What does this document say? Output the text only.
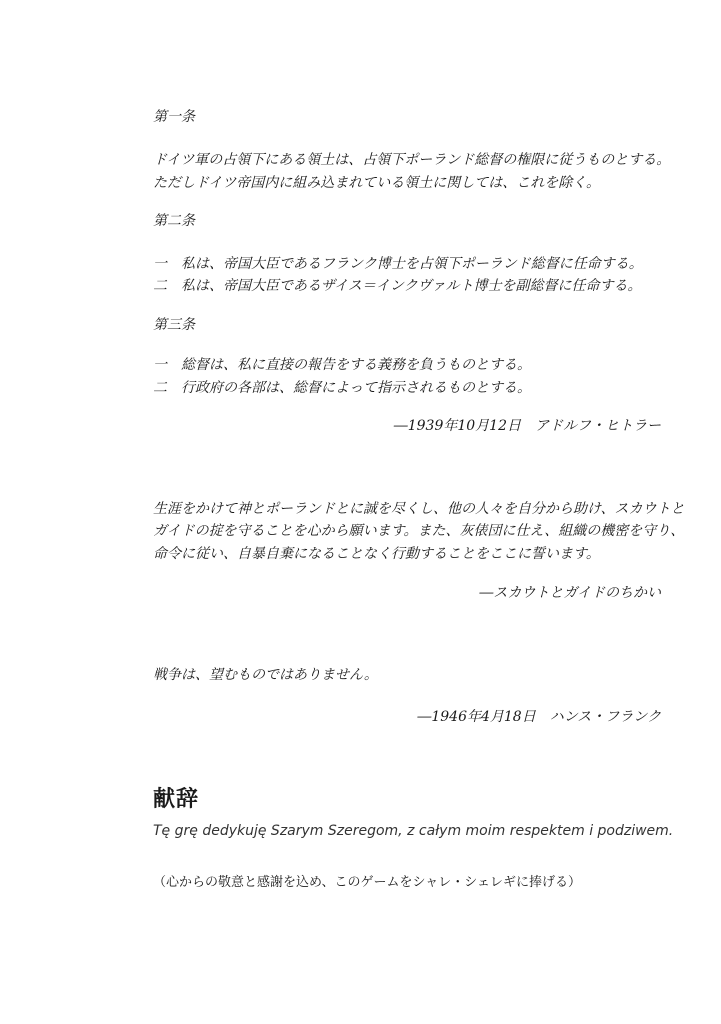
第一条
ドイツ軍の占領下にある領土は、占領下ポーランド総督の権限に従うものとする。
ただしドイツ帝国内に組み込まれている領土に関しては、これを除く。
第二条
一　私は、帝国大臣であるフランク博士を占領下ポーランド総督に任命する。
二　私は、帝国大臣であるザイス＝インクヴァルト博士を副総督に任命する。
第三条
一　総督は、私に直接の報告をする義務を負うものとする。
二　行政府の各部は、総督によって指示されるものとする。
―1939年10月12日　アドルフ・ヒトラー
生涯をかけて神とポーランドとに誠を尽くし、他の人々を自分から助け、スカウトと
ガイドの掟を守ることを心から願います。また、灰俵団に仕え、組織の機密を守り、
命令に従い、自暴自棄になることなく行動することをここに誓います。
―スカウトとガイドのちかい
戦争は、望むものではありません。
―1946年4月18日　ハンス・フランク
献辞
Tę grę dedykuję Szarym Szeregom, z całym moim respektem i podziwem.
（心からの敬意と感謝を込め、このゲームをシャレ・シェレギに捧げる）
